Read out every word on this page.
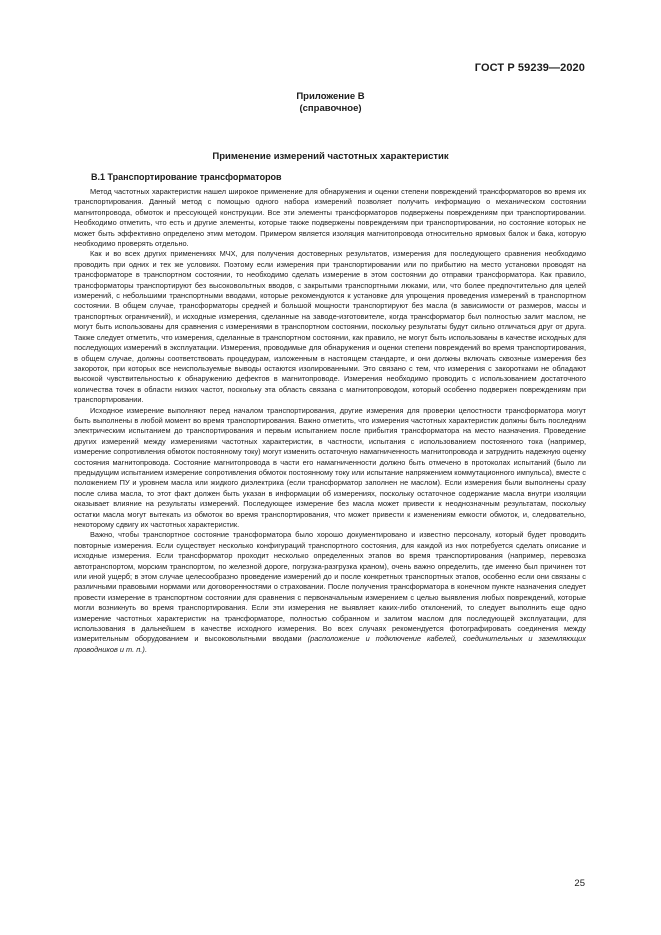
ГОСТ Р 59239—2020
Приложение В
(справочное)
Применение измерений частотных характеристик
В.1 Транспортирование трансформаторов

Метод частотных характеристик нашел широкое применение для обнаружения и оценки степени повреждений трансформаторов во время их транспортирования. Данный метод с помощью одного набора измерений позволяет получить информацию о механическом состоянии магнитопровода, обмоток и прессующей конструкции. Все эти элементы трансформаторов подвержены повреждениям при транспортировании. Необходимо отметить, что есть и другие элементы, которые также подвержены повреждениям при транспортировании, но состояние которых не может быть эффективно определено этим методом. Примером является изоляция магнитопровода относительно ярмовых балок и бака, которую необходимо проверять отдельно.

Как и во всех других применениях МЧХ, для получения достоверных результатов, измерения для последующего сравнения необходимо проводить при одних и тех же условиях. Поэтому если измерения при транспортировании или по прибытию на место установки проводят на трансформаторе в транспортном состоянии, то необходимо сделать измерение в этом состоянии до отправки трансформатора. Как правило, трансформаторы транспортируют без высоковольтных вводов, с закрытыми транспортными люками, или, что более предпочтительно для целей измерений, с небольшими транспортными вводами, которые рекомендуются к установке для упрощения проведения измерений в транспортном состоянии. В общем случае, трансформаторы средней и большой мощности транспортируют без масла (в зависимости от размеров, массы и транспортных ограничений), и исходные измерения, сделанные на заводе-изготовителе, когда трансформатор был полностью залит маслом, не могут быть использованы для сравнения с измерениями в транспортном состоянии, поскольку результаты будут сильно отличаться друг от друга. Также следует отметить, что измерения, сделанные в транспортном состоянии, как правило, не могут быть использованы в качестве исходных для последующих измерений в эксплуатации. Измерения, проводимые для обнаружения и оценки степени повреждений во время транспортирования, в общем случае, должны соответствовать процедурам, изложенным в настоящем стандарте, и они должны включать сквозные измерения без закороток, при которых все неиспользуемые выводы остаются изолированными. Это связано с тем, что измерения с закоротками не обладают высокой чувствительностью к обнаружению дефектов в магнитопроводе. Измерения необходимо проводить с использованием достаточного количества точек в области низких частот, поскольку эта область связана с магнитопроводом, который особенно подвержен повреждениям при транспортировании.

Исходное измерение выполняют перед началом транспортирования, другие измерения для проверки целостности трансформатора могут быть выполнены в любой момент во время транспортирования. Важно отметить, что измерения частотных характеристик должны быть последним электрическим испытанием до транспортирования и первым испытанием после прибытия трансформатора на место назначения. Проведение других измерений между измерениями частотных характеристик, в частности, испытания с использованием постоянного тока (например, измерение сопротивления обмоток постоянному току) могут изменить остаточную намагниченность магнитопровода и затруднить надежную оценку состояния магнитопровода. Состояние магнитопровода в части его намагниченности должно быть отмечено в протоколах испытаний (было ли предыдущим испытанием измерение сопротивления обмоток постоянному току или испытание напряжением коммутационного импульса), вместе с положением ПУ и уровнем масла или жидкого диэлектрика (если трансформатор заполнен не маслом). Если измерения были выполнены сразу после слива масла, то этот факт должен быть указан в информации об измерениях, поскольку остаточное содержание масла внутри изоляции оказывает влияние на результаты измерений. Последующее измерение без масла может привести к неоднозначным результатам, поскольку остатки масла могут вытекать из обмоток во время транспортирования, что может привести к изменениям емкости обмоток, и, следовательно, некоторому сдвигу их частотных характеристик.

Важно, чтобы транспортное состояние трансформатора было хорошо документировано и известно персоналу, который будет проводить повторные измерения. Если существует несколько конфигураций транспортного состояния, для каждой из них потребуется сделать описание и исходные измерения. Если трансформатор проходит несколько определенных этапов во время транспортирования (например, перевозка автотранспортом, морским транспортом, по железной дороге, погрузка-разгрузка краном), очень важно определить, где именно был причинен тот или иной ущерб; в этом случае целесообразно проведение измерений до и после конкретных транспортных этапов, особенно если они связаны с различными правовыми нормами или договоренностями о страховании. После получения трансформатора в конечном пункте назначения следует провести измерение в транспортном состоянии для сравнения с первоначальным измерением с целью выявления любых повреждений, которые могли возникнуть во время транспортирования. Если эти измерения не выявляет каких-либо отклонений, то следует выполнить еще одно измерение частотных характеристик на трансформаторе, полностью собранном и залитом маслом для последующей эксплуатации, для использования в дальнейшем в качестве исходного измерения. Во всех случаях рекомендуется фотографировать соединения между измерительным оборудованием и высоковольтными вводами (расположение и подключение кабелей, соединительных и заземляющих проводников и т. п.).

25
